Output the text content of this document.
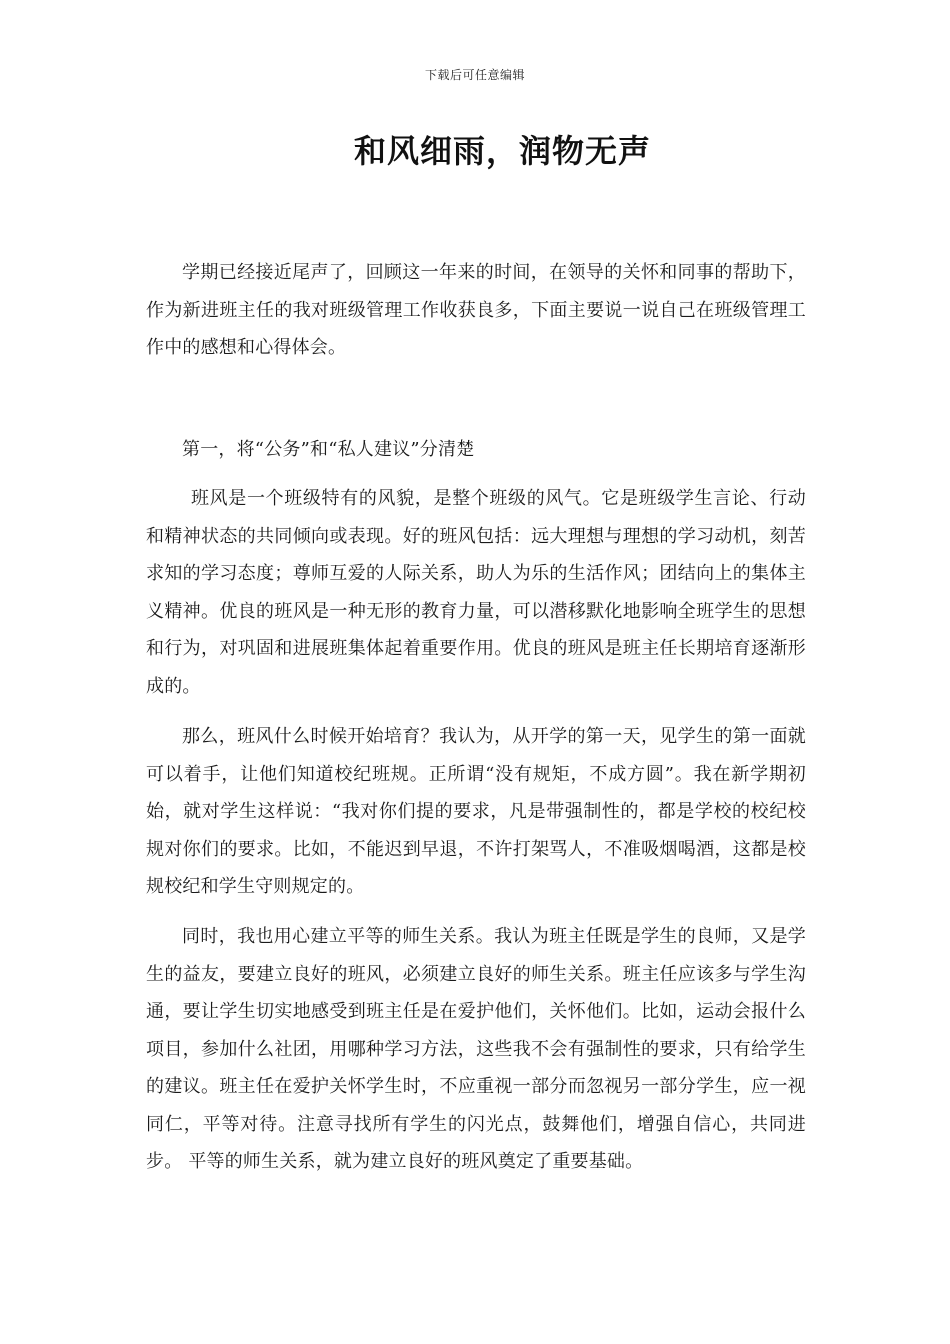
下载后可任意编辑
和风细雨，润物无声

学期已经接近尾声了，回顾这一年来的时间，在领导的关怀和同事的帮助下，作为新进班主任的我对班级管理工作收获良多，下面主要说一说自己在班级管理工作中的感想和心得体会。

第一，将“公务”和“私人建议”分清楚

班风是一个班级特有的风貌，是整个班级的风气。它是班级学生言论、行动和精神状态的共同倾向或表现。好的班风包括：远大理想与理想的学习动机，刻苦求知的学习态度；尊师互爱的人际关系，助人为乐的生活作风；团结向上的集体主义精神。优良的班风是一种无形的教育力量，可以潜移默化地影响全班学生的思想和行为，对巩固和进展班集体起着重要作用。优良的班风是班主任长期培育逐渐形成的。

那么，班风什么时候开始培育？我认为，从开学的第一天，见学生的第一面就可以着手，让他们知道校纪班规。正所谓“没有规矩，不成方圆”。我在新学期初始，就对学生这样说：“我对你们提的要求，凡是带强制性的，都是学校的校纪校规对你们的要求。比如，不能迟到早退，不许打架骂人，不准吸烟喝酒，这都是校规校纪和学生守则规定的。

同时，我也用心建立平等的师生关系。我认为班主任既是学生的良师，又是学生的益友，要建立良好的班风，必须建立良好的师生关系。班主任应该多与学生沟通，要让学生切实地感受到班主任是在爱护他们，关怀他们。比如，运动会报什么项目，参加什么社团，用哪种学习方法，这些我不会有强制性的要求，只有给学生的建议。班主任在爱护关怀学生时，不应重视一部分而忽视另一部分学生，应一视同仁，平等对待。注意寻找所有学生的闪光点，鼓舞他们，增强自信心，共同进步。 平等的师生关系，就为建立良好的班风奠定了重要基础。
